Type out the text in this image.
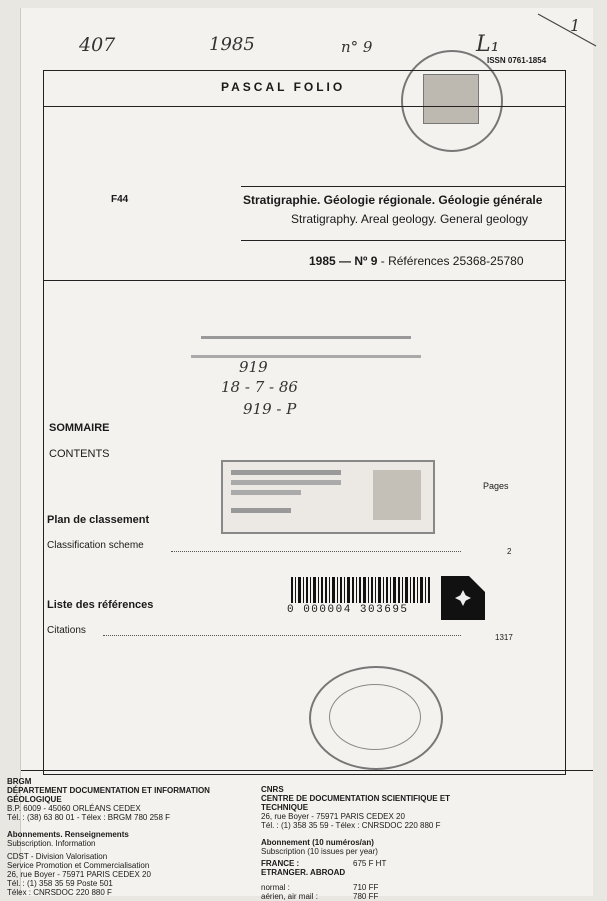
407	1985	n° 9	L₁
1
ISSN 0761-1854
PASCAL FOLIO
F44	Stratigraphie. Géologie régionale. Géologie générale
Stratigraphy. Areal geology. General geology
1985 — Nº 9 - Références 25368-25780
919
18 - 7 - 86
919 - P
SOMMAIRE
CONTENTS
Pages
Plan de classement
Classification scheme
2
0 000004 303695
Liste des références
Citations
1317
BRGM
DÉPARTEMENT DOCUMENTATION ET INFORMATION GÉOLOGIQUE
B.P. 6009 - 45060 ORLÉANS CEDEX
Tél. : (38) 63 80 01 - Télex : BRGM 780 258 F
Abonnements. Renseignements
Subscription. Information
CDST - Division Valorisation
Service Promotion et Commercialisation
26, rue Boyer - 75971 PARIS CEDEX 20
Tél. : (1) 358 35 59 Poste 501
Télex : CNRSDOC 220 880 F
CNRS
CENTRE DE DOCUMENTATION SCIENTIFIQUE ET TECHNIQUE
26, rue Boyer - 75971 PARIS CEDEX 20
Tél. : (1) 358 35 59 - Télex : CNRSDOC 220 880 F
Abonnement (10 numéros/an)
Subscription (10 issues per year)
FRANCE :	675 F HT
ETRANGER. ABROAD
normal :	710 FF
aérien, air mail :	780 FF
